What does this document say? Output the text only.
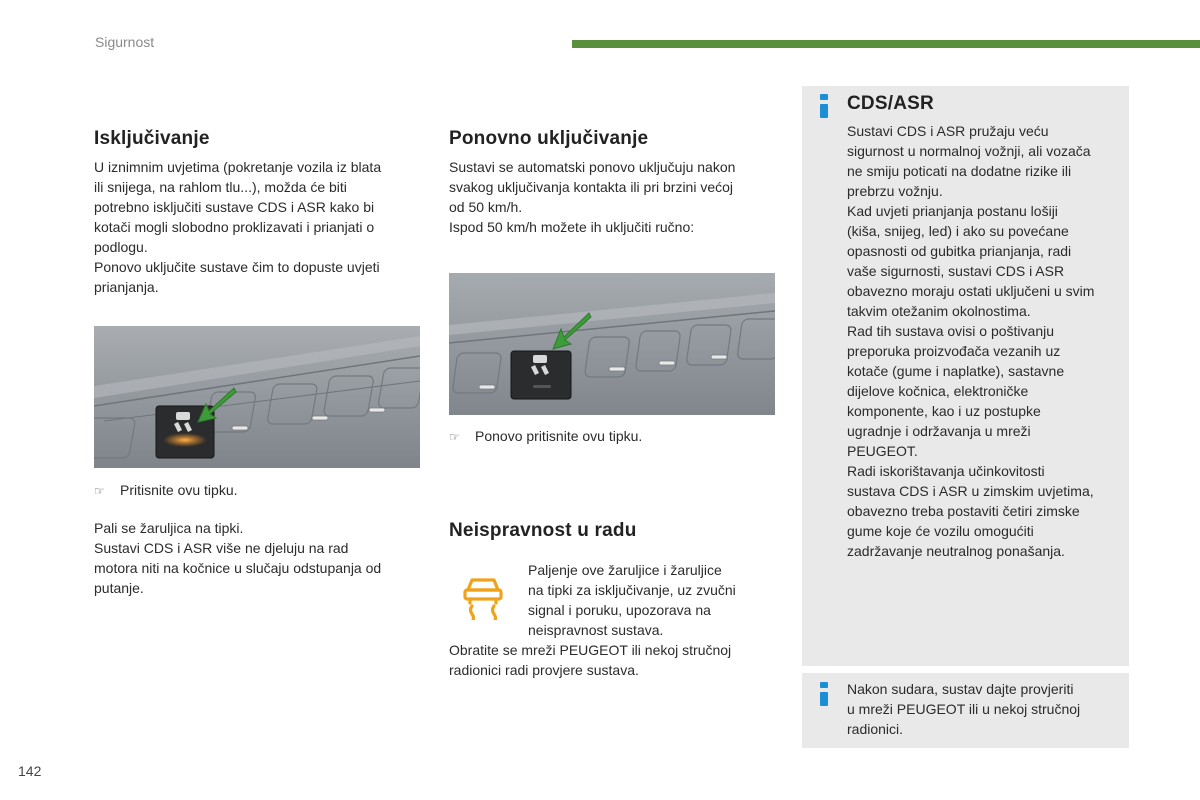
Sigurnost
Isključivanje

U iznimnim uvjetima (pokretanje vozila iz blata

ili snijega, na rahlom tlu...), možda će biti

potrebno isključiti sustave CDS i ASR kako bi

kotači mogli slobodno proklizavati i prianjati o

podlogu.

Ponovo uključite sustave čim to dopuste uvjeti

prianjanja.

☞ Pritisnite ovu tipku.

Pali se žaruljica na tipki.

Sustavi CDS i ASR više ne djeluju na rad

motora niti na kočnice u slučaju odstupanja od

putanje.

Ponovno uključivanje

Sustavi se automatski ponovo uključuju nakon

svakog uključivanja kontakta ili pri brzini većoj

od 50 km/h.

Ispod 50 km/h možete ih uključiti ručno:

☞ Ponovo pritisnite ovu tipku.
Neispravnost u radu

Paljenje ove žaruljice i žaruljice

na tipki za isključivanje, uz zvučni

signal i poruku, upozorava na

neispravnost sustava.

Obratite se mreži PEUGEOT ili nekoj stručnoj

radionici radi provjere sustava.

CDS/ASR

Sustavi CDS i ASR pružaju veću

sigurnost u normalnoj vožnji, ali vozača

ne smiju poticati na dodatne rizike ili

prebrzu vožnju.

Kad uvjeti prianjanja postanu lošiji

(kiša, snijeg, led) i ako su povećane

opasnosti od gubitka prianjanja, radi

vaše sigurnosti, sustavi CDS i ASR

obavezno moraju ostati uključeni u svim

takvim otežanim okolnostima.

Rad tih sustava ovisi o poštivanju

preporuka proizvođača vezanih uz

kotače (gume i naplatke), sastavne

dijelove kočnica, elektroničke

komponente, kao i uz postupke

ugradnje i održavanja u mreži

PEUGEOT.

Radi iskorištavanja učinkovitosti

sustava CDS i ASR u zimskim uvjetima,

obavezno treba postaviti četiri zimske

gume koje će vozilu omogućiti

zadržavanje neutralnog ponašanja.

Nakon sudara, sustav dajte provjeriti

u mreži PEUGEOT ili u nekoj stručnoj

radionici.

142
